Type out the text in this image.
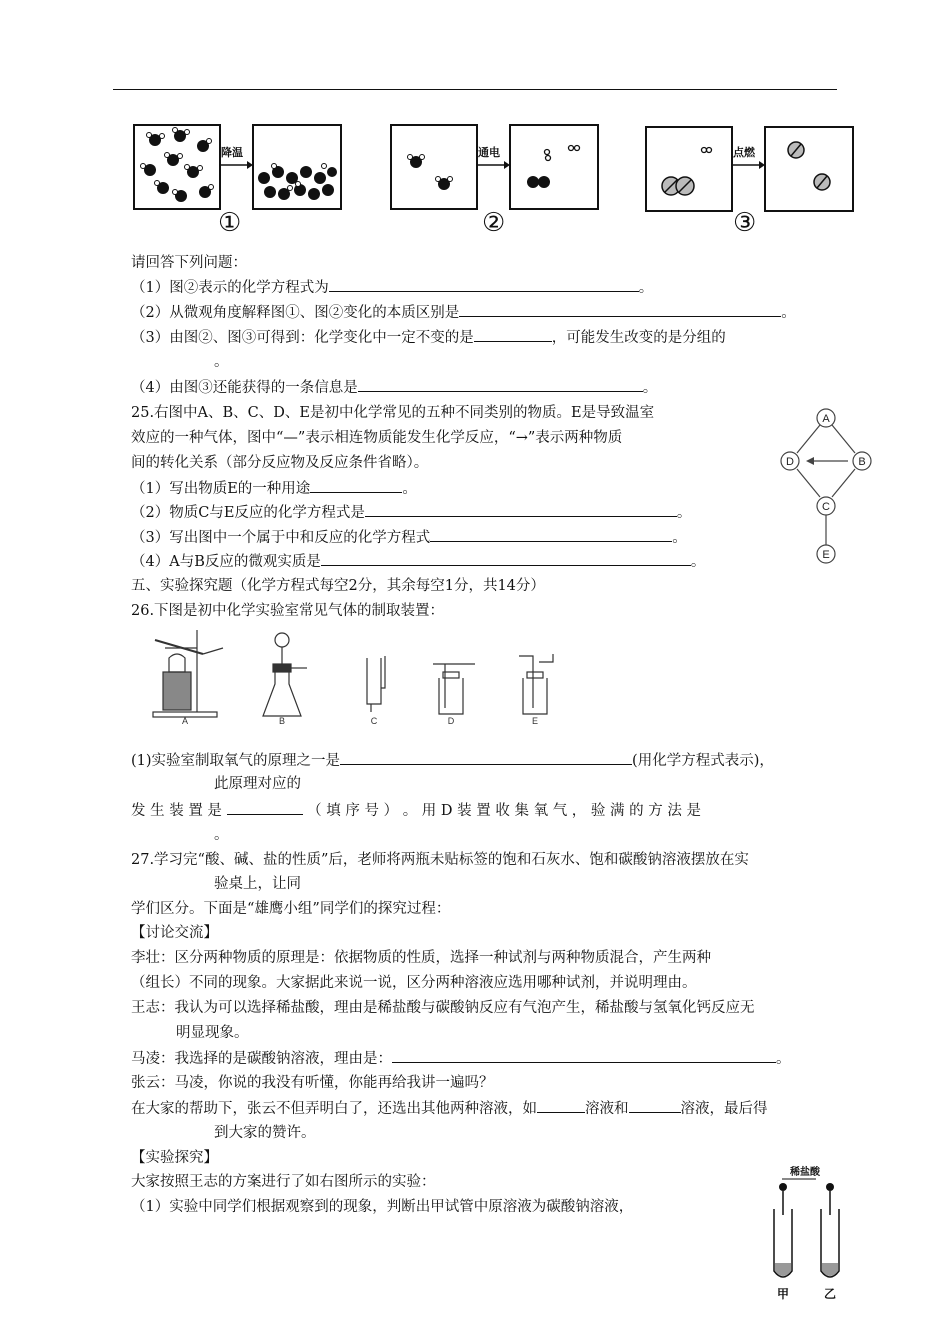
降温
①
通电
②
点燃
③
请回答下列问题：
（1）图②表示的化学方程式为	。
（2）从微观角度解释图①、图②变化的本质区别是	。
（3）由图②、图③可得到：化学变化中一定不变的是	，可能发生改变的是分组的
。
（4）由图③还能获得的一条信息是	。
25.右图中A、B、C、D、E是初中化学常见的五种不同类别的物质。E是导致温室
效应的一种气体，图中“—”表示相连物质能发生化学反应，“→”表示两种物质
间的转化关系（部分反应物及反应条件省略）。
（1）写出物质E的一种用途	。
（2）物质C与E反应的化学方程式是	。
（3）写出图中一个属于中和反应的化学方程式	。
（4）A与B反应的微观实质是	。
A
D	B
C
E
五、实验探究题（化学方程式每空2分，其余每空1分，共14分）
26.下图是初中化学实验室常见气体的制取装置：
A	B	C	D	E
(1)实验室制取氧气的原理之一是	(用化学方程式表示)，
此原理对应的
发 生 装 置 是	（ 填 序 号 ） 。 用 D 装 置 收 集 氧 气 ， 验 满 的 方 法 是
。
27.学习完“酸、碱、盐的性质”后，老师将两瓶未贴标签的饱和石灰水、饱和碳酸钠溶液摆放在实
验桌上，让同
学们区分。下面是“雄鹰小组”同学们的探究过程：
【讨论交流】
李壮：区分两种物质的原理是：依据物质的性质，选择一种试剂与两种物质混合，产生两种
（组长）不同的现象。大家据此来说一说，区分两种溶液应选用哪种试剂，并说明理由。
王志：我认为可以选择稀盐酸，理由是稀盐酸与碳酸钠反应有气泡产生，稀盐酸与氢氧化钙反应无
明显现象。
马凌：我选择的是碳酸钠溶液，理由是：	。
张云：马凌，你说的我没有听懂，你能再给我讲一遍吗？
在大家的帮助下，张云不但弄明白了，还选出其他两种溶液，如	溶液和	溶液，最后得
到大家的赞许。
【实验探究】
大家按照王志的方案进行了如右图所示的实验：
（1）实验中同学们根据观察到的现象，判断出甲试管中原溶液为碳酸钠溶液，
稀盐酸
甲	乙
